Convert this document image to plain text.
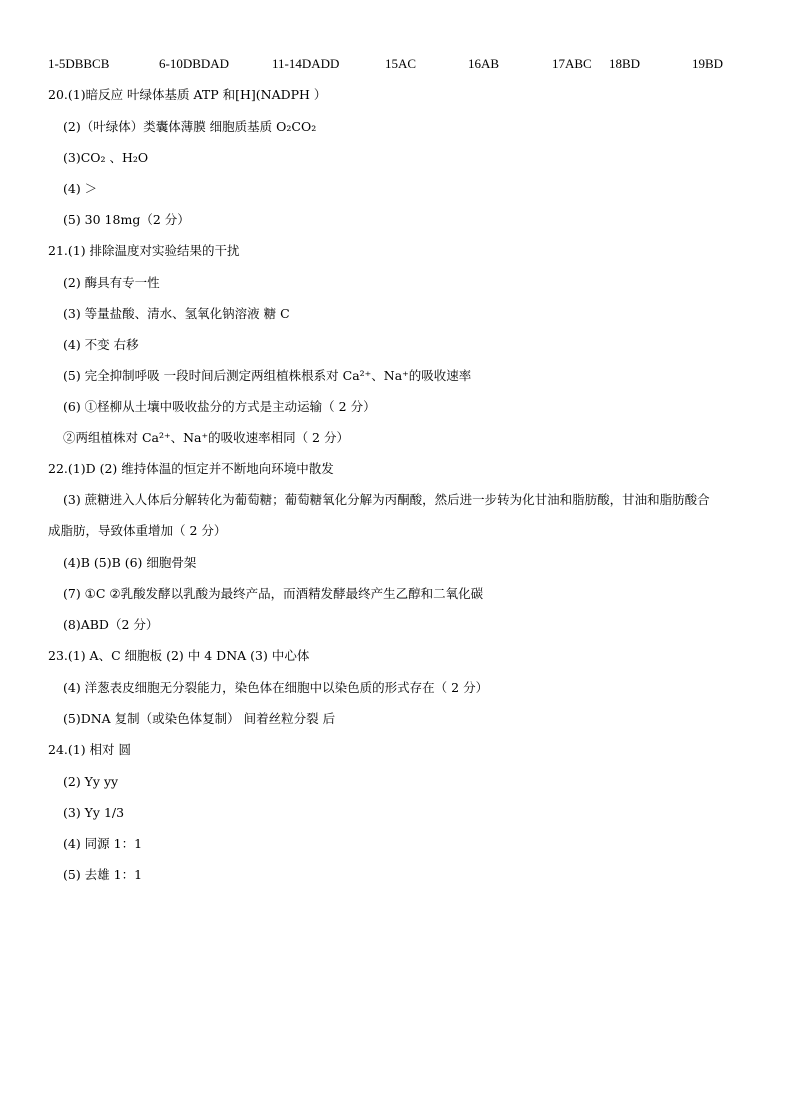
1-5DBBCB	6-10DBDAD	11-14DADD	15AC	16AB	17ABC 18BD	19BD
20.(1)暗反应 叶绿体基质 ATP 和[H](NADPH ）
(2)（叶绿体）类囊体薄膜 细胞质基质 O₂CO₂
(3)CO₂ 、H₂O
(4) ＞
(5) 30 18mg（2 分）
21.(1) 排除温度对实验结果的干扰
(2) 酶具有专一性
(3) 等量盐酸、清水、氢氧化钠溶液 糖 C
(4) 不变 右移
(5) 完全抑制呼吸 一段时间后测定两组植株根系对 Ca²⁺、Na⁺的吸收速率
(6) ①柽柳从土壤中吸收盐分的方式是主动运输（ 2 分）
②两组植株对 Ca²⁺、Na⁺的吸收速率相同（ 2 分）
22.(1)D (2) 维持体温的恒定并不断地向环境中散发
(3) 蔗糖进入人体后分解转化为葡萄糖；葡萄糖氧化分解为丙酮酸，然后进一步转为化甘油和脂肪酸，甘油和脂肪酸合
成脂肪，导致体重增加（ 2 分）
(4)B (5)B (6) 细胞骨架
(7) ①C ②乳酸发酵以乳酸为最终产品，而酒精发酵最终产生乙醇和二氧化碳
(8)ABD（2 分）
23.(1) A、C 细胞板 (2) 中 4 DNA (3) 中心体
(4) 洋葱表皮细胞无分裂能力，染色体在细胞中以染色质的形式存在（ 2 分）
(5)DNA 复制（或染色体复制） 间着丝粒分裂 后
24.(1) 相对 圆
(2) Yy yy
(3) Yy 1/3
(4) 同源 1：1
(5) 去雄 1：1
